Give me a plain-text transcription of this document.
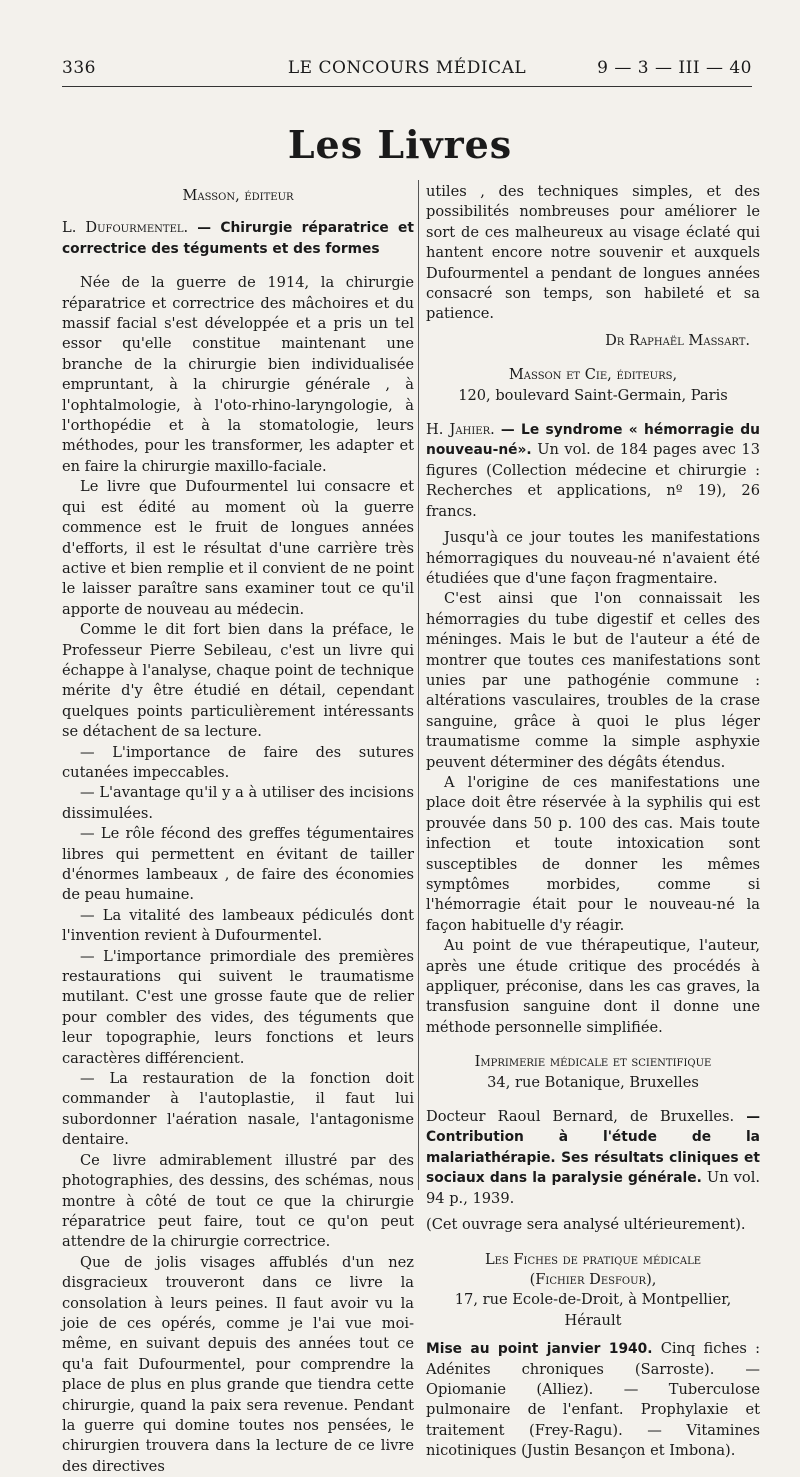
336	LE CONCOURS MÉDICAL	9 — 3 — III — 40
Les Livres

Masson, éditeur

L. Dufourmentel. — Chirurgie réparatrice et correctrice des téguments et des formes

Née de la guerre de 1914, la chirurgie réparatrice et correctrice des mâchoires et du massif facial s'est développée et a pris un tel essor qu'elle constitue maintenant une branche de la chirurgie bien individualisée empruntant, à la chirurgie générale , à l'ophtalmologie, à l'oto-rhino-laryngologie, à l'orthopédie et à la stomatologie, leurs méthodes, pour les transformer, les adapter et en faire la chirurgie maxillo-faciale.

Le livre que Dufourmentel lui consacre et qui est édité au moment où la guerre commence est le fruit de longues années d'efforts, il est le résultat d'une carrière très active et bien remplie et il convient de ne point le laisser paraître sans examiner tout ce qu'il apporte de nouveau au médecin.

Comme le dit fort bien dans la préface, le Professeur Pierre Sebileau, c'est un livre qui échappe à l'analyse, chaque point de technique mérite d'y être étudié en détail, cependant quelques points particulièrement intéressants se détachent de sa lecture.

— L'importance de faire des sutures cutanées impeccables.

— L'avantage qu'il y a à utiliser des incisions dissimulées.

— Le rôle fécond des greffes tégumentaires libres qui permettent en évitant de tailler d'énormes lambeaux , de faire des économies de peau humaine.

— La vitalité des lambeaux pédiculés dont l'invention revient à Dufourmentel.

— L'importance primordiale des premières restaurations qui suivent le traumatisme mutilant. C'est une grosse faute que de relier pour combler des vides, des téguments que leur topographie, leurs fonctions et leurs caractères différencient.

— La restauration de la fonction doit commander à l'autoplastie, il faut lui subordonner l'aération nasale, l'antagonisme dentaire.

Ce livre admirablement illustré par des photographies, des dessins, des schémas, nous montre à côté de tout ce que la chirurgie réparatrice peut faire, tout ce qu'on peut attendre de la chirurgie correctrice.

Que de jolis visages affublés d'un nez disgracieux trouveront dans ce livre la consolation à leurs peines. Il faut avoir vu la joie de ces opérés, comme je l'ai vue moi-même, en suivant depuis des années tout ce qu'a fait Dufourmentel, pour comprendre la place de plus en plus grande que tiendra cette chirurgie, quand la paix sera revenue. Pendant la guerre qui domine toutes nos pensées, le chirurgien trouvera dans la lecture de ce livre des directives

utiles , des techniques simples, et des possibilités nombreuses pour améliorer le sort de ces malheureux au visage éclaté qui hantent encore notre souvenir et auxquels Dufourmentel a pendant de longues années consacré son temps, son habileté et sa patience.

Dr Raphaël Massart.

Masson et Cie, éditeurs,

120, boulevard Saint-Germain, Paris

H. Jahier. — Le syndrome « hémorragie du nouveau-né». Un vol. de 184 pages avec 13 figures (Collection médecine et chirurgie : Recherches et applications, nº 19), 26 francs.

Jusqu'à ce jour toutes les manifestations hémorragiques du nouveau-né n'avaient été étudiées que d'une façon fragmentaire.

C'est ainsi que l'on connaissait les hémorragies du tube digestif et celles des méninges. Mais le but de l'auteur a été de montrer que toutes ces manifestations sont unies par une pathogénie commune : altérations vasculaires, troubles de la crase sanguine, grâce à quoi le plus léger traumatisme comme la simple asphyxie peuvent déterminer des dégâts étendus.

A l'origine de ces manifestations une place doit être réservée à la syphilis qui est prouvée dans 50 p. 100 des cas. Mais toute infection et toute intoxication sont susceptibles de donner les mêmes symptômes morbides, comme si l'hémorragie était pour le nouveau-né la façon habituelle d'y réagir.

Au point de vue thérapeutique, l'auteur, après une étude critique des procédés à appliquer, préconise, dans les cas graves, la transfusion sanguine dont il donne une méthode personnelle simplifiée.

Imprimerie médicale et scientifique

34, rue Botanique, Bruxelles

Docteur Raoul Bernard, de Bruxelles. — Contribution à l'étude de la malariathérapie. Ses résultats cliniques et sociaux dans la paralysie générale. Un vol. 94 p., 1939.

(Cet ouvrage sera analysé ultérieurement).

Les Fiches de pratique médicale

(Fichier Desfour),

17, rue Ecole-de-Droit, à Montpellier, Hérault

Mise au point janvier 1940. Cinq fiches : Adénites chroniques (Sarroste). — Opiomanie (Alliez). — Tuberculose pulmonaire de l'enfant. Prophylaxie et traitement (Frey-Ragu). — Vitamines nicotiniques (Justin Besançon et Imbona).
